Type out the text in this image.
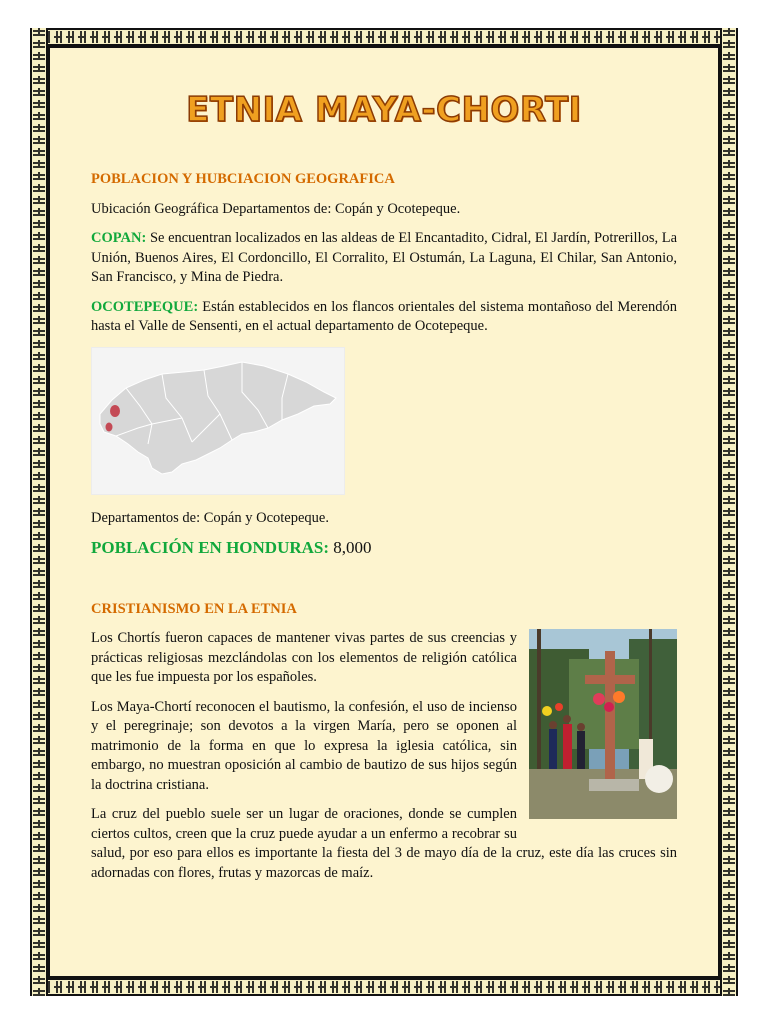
ETNIA MAYA-CHORTI
POBLACION Y HUBCIACION GEOGRAFICA

Ubicación Geográfica Departamentos de: Copán y Ocotepeque.

COPAN: Se encuentran localizados en las aldeas de El Encantadito, Cidral, El Jardín, Potrerillos, La Unión, Buenos Aires, El Cordoncillo, El Corralito, El Ostumán, La Laguna, El Chilar, San Antonio, San Francisco, y Mina de Piedra.

OCOTEPEQUE: Están establecidos en los flancos orientales del sistema montañoso del Merendón hasta el Valle de Sensenti, en el actual departamento de Ocotepeque.

Departamentos de: Copán y Ocotepeque.

POBLACIÓN EN HONDURAS: 8,000

CRISTIANISMO EN LA ETNIA

Los Chortís fueron capaces de mantener vivas partes de sus creencias y prácticas religiosas mezclándolas con los elementos de religión católica que les fue impuesta por los españoles.

Los Maya-Chortí reconocen el bautismo, la confesión, el uso de incienso y el peregrinaje; son devotos a la virgen María, pero se oponen al matrimonio de la forma en que lo expresa la iglesia católica, sin embargo, no muestran oposición al cambio de bautizo de sus hijos según la doctrina cristiana.

La cruz del pueblo suele ser un lugar de oraciones, donde se cumplen ciertos cultos, creen que la cruz puede ayudar a un enfermo a recobrar su salud, por eso para ellos es importante la fiesta del 3 de mayo día de la cruz, este día las cruces sin adornadas con flores, frutas y mazorcas de maíz.
